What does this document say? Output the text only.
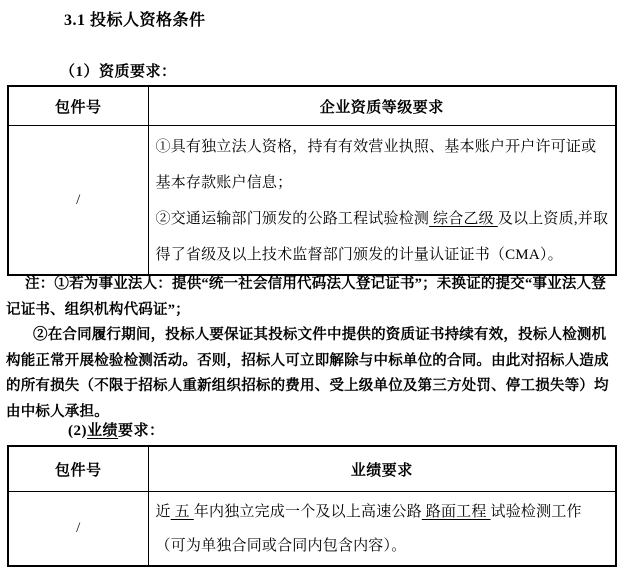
3.1 投标人资格条件
（1）资质要求：
包件号	企业资质等级要求
/	①具有独立法人资格，持有有效营业执照、基本账户开户许可证或基本存款账户信息；

②交通运输部门颁发的公路工程试验检测 综合乙级 及以上资质,并取得了省级及以上技术监督部门颁发的计量认证证书（CMA）。

注：①若为事业法人：提供“统一社会信用代码法人登记证书”；未换证的提交“事业法人登记证书、组织机构代码证”；

②在合同履行期间，投标人要保证其投标文件中提供的资质证书持续有效，投标人检测机构能正常开展检验检测活动。否则，招标人可立即解除与中标单位的合同。由此对招标人造成的所有损失（不限于招标人重新组织招标的费用、受上级单位及第三方处罚、停工损失等）均由中标人承担。

(2)业绩要求：
包件号	业绩要求
/	近 五 年内独立完成一个及以上高速公路 路面工程 试验检测工作（可为单独合同或合同内包含内容）。
